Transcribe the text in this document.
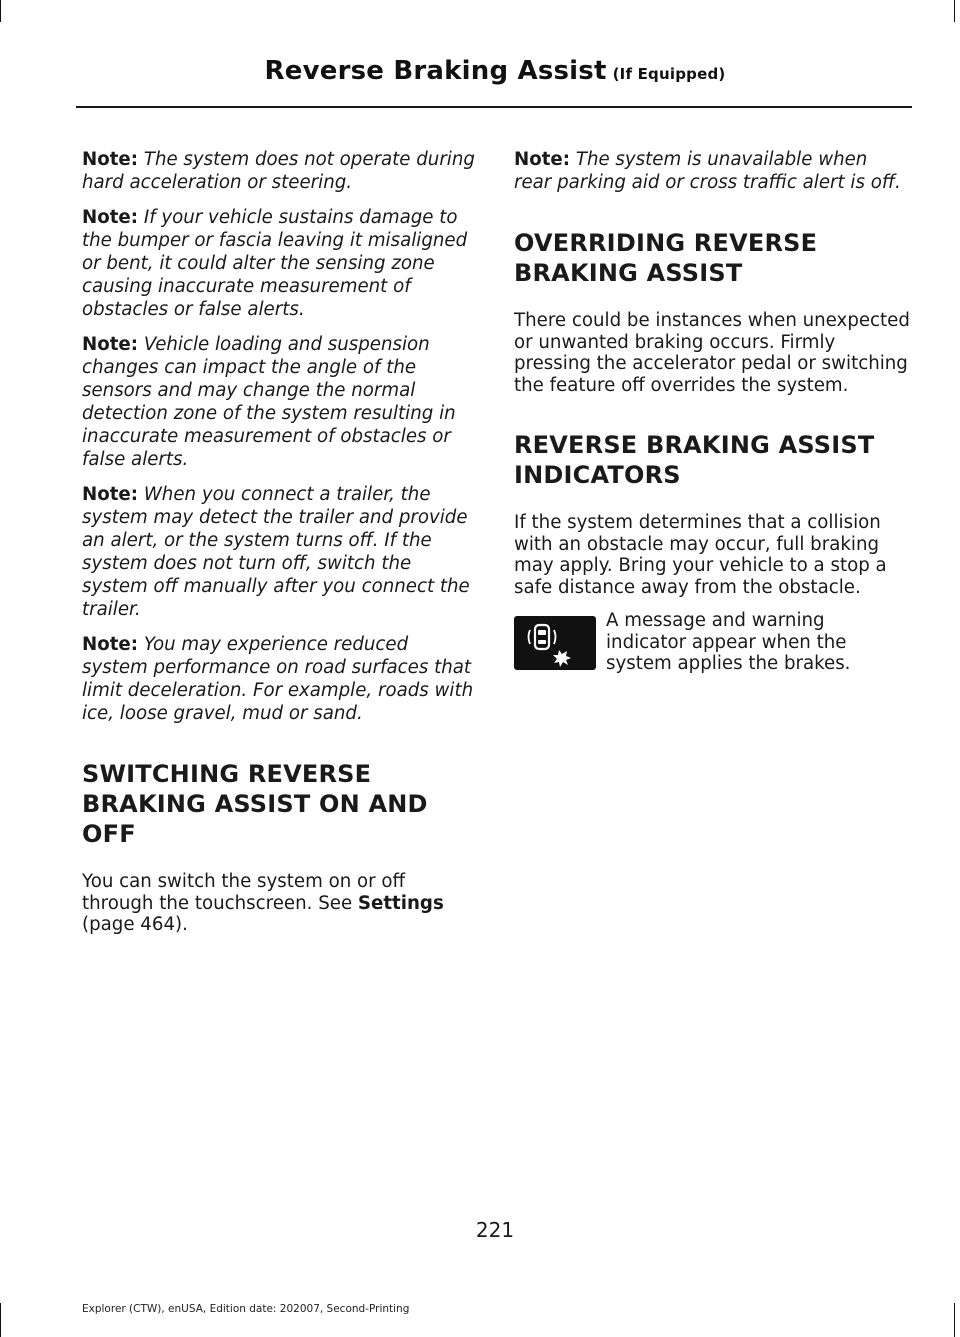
Reverse Braking Assist (If Equipped)

Note: The system does not operate during hard acceleration or steering.

Note: If your vehicle sustains damage to the bumper or fascia leaving it misaligned or bent, it could alter the sensing zone causing inaccurate measurement of obstacles or false alerts.

Note: Vehicle loading and suspension changes can impact the angle of the sensors and may change the normal detection zone of the system resulting in inaccurate measurement of obstacles or false alerts.

Note: When you connect a trailer, the system may detect the trailer and provide an alert, or the system turns off. If the system does not turn off, switch the system off manually after you connect the trailer.

Note: You may experience reduced system performance on road surfaces that limit deceleration. For example, roads with ice, loose gravel, mud or sand.

SWITCHING REVERSE
BRAKING ASSIST ON AND OFF

You can switch the system on or off through the touchscreen. See Settings
(page 464).

Note: The system is unavailable when rear parking aid or cross traffic alert is off.

OVERRIDING REVERSE
BRAKING ASSIST

There could be instances when unexpected or unwanted braking occurs. Firmly pressing the accelerator pedal or switching the feature off overrides the system.

REVERSE BRAKING ASSIST
INDICATORS

If the system determines that a collision with an obstacle may occur, full braking may apply. Bring your vehicle to a stop a safe distance away from the obstacle.

A message and warning indicator appear when the system applies the brakes.
221
Explorer (CTW), enUSA, Edition date: 202007, Second-Printing
